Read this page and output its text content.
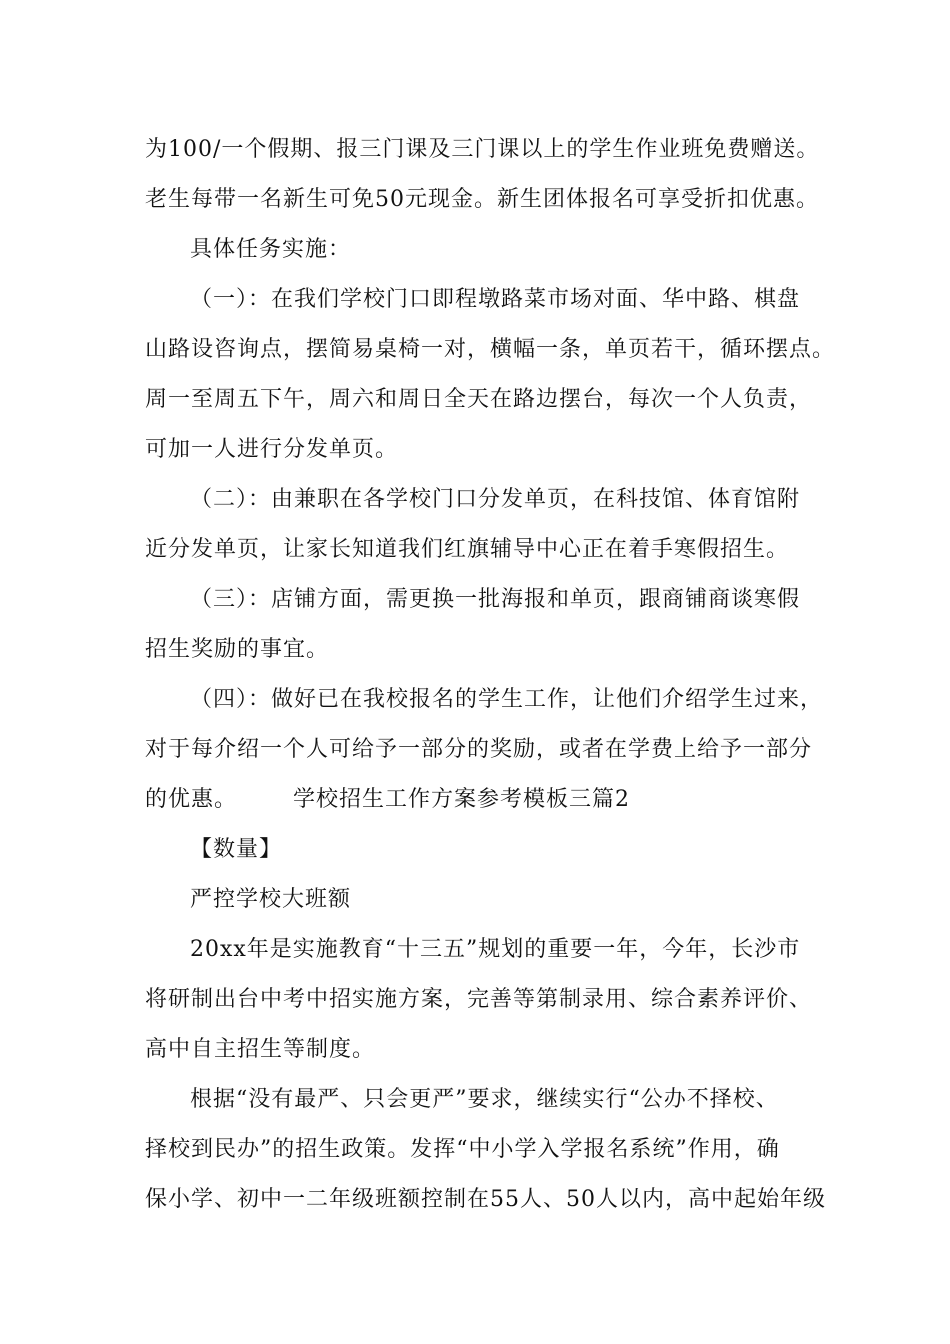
为100/一个假期、报三门课及三门课以上的学生作业班免费赠送。
老生每带一名新生可免50元现金。新生团体报名可享受折扣优惠。
具体任务实施：
（一）：在我们学校门口即程墩路菜市场对面、华中路、棋盘
山路设咨询点，摆简易桌椅一对，横幅一条，单页若干，循环摆点。
周一至周五下午，周六和周日全天在路边摆台，每次一个人负责，
可加一人进行分发单页。
（二）：由兼职在各学校门口分发单页，在科技馆、体育馆附
近分发单页，让家长知道我们红旗辅导中心正在着手寒假招生。
（三）：店铺方面，需更换一批海报和单页，跟商铺商谈寒假
招生奖励的事宜。
（四）：做好已在我校报名的学生工作，让他们介绍学生过来，
对于每介绍一个人可给予一部分的奖励，或者在学费上给予一部分
的优惠。	学校招生工作方案参考模板三篇2
【数量】
严控学校大班额
20xx年是实施教育“十三五”规划的重要一年，今年，长沙市
将研制出台中考中招实施方案，完善等第制录用、综合素养评价、
高中自主招生等制度。
根据“没有最严、只会更严”要求，继续实行“公办不择校、
择校到民办”的招生政策。发挥“中小学入学报名系统”作用，确
保小学、初中一二年级班额控制在55人、50人以内，高中起始年级
